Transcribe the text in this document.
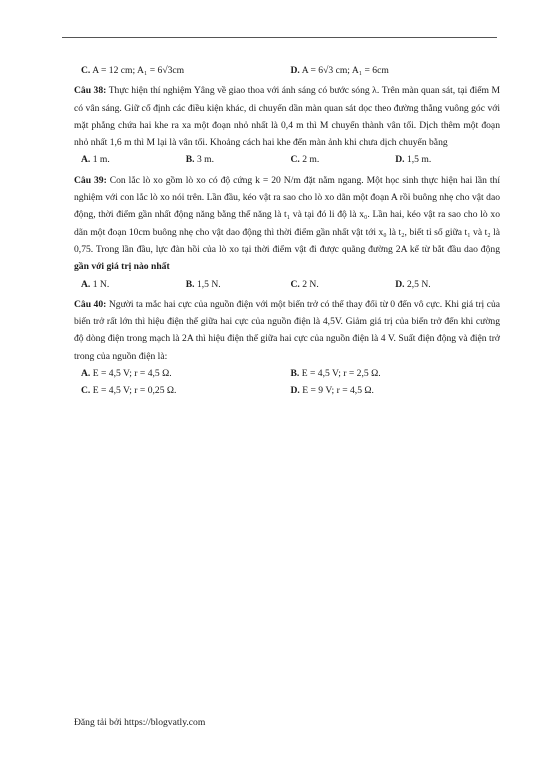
C. A = 12 cm; A₁ = 6√3cm	D. A = 6√3 cm; A₁ = 6cm
Câu 38: Thực hiện thí nghiệm Yâng về giao thoa với ánh sáng có bước sóng λ. Trên màn quan sát, tại điểm M có vân sáng. Giữ cố định các điều kiện khác, di chuyển dần màn quan sát dọc theo đường thẳng vuông góc với mặt phẳng chứa hai khe ra xa một đoạn nhỏ nhất là 0,4 m thì M chuyển thành vân tối. Dịch thêm một đoạn nhỏ nhất 1,6 m thì M lại là vân tối. Khoảng cách hai khe đến màn ảnh khi chưa dịch chuyển bằng
A. 1 m.	B. 3 m.	C. 2 m.	D. 1,5 m.
Câu 39: Con lắc lò xo gồm lò xo có độ cứng k = 20 N/m đặt nằm ngang. Một học sinh thực hiện hai lần thí nghiệm với con lắc lò xo nói trên. Lần đầu, kéo vật ra sao cho lò xo dãn một đoạn A rồi buông nhẹ cho vật dao động, thời điểm gần nhất động năng bằng thế năng là t₁ và tại đó li độ là x₀. Lần hai, kéo vật ra sao cho lò xo dãn một đoạn 10cm buông nhẹ cho vật dao động thì thời điểm gần nhất vật tới x₀ là t₂, biết tỉ số giữa t₁ và t₂ là 0,75. Trong lần đầu, lực đàn hồi của lò xo tại thời điểm vật đi được quãng đường 2A kể từ bắt đầu dao động gần với giá trị nào nhất
A. 1 N.	B. 1,5 N.	C. 2 N.	D. 2,5 N.
Câu 40: Người ta mắc hai cực của nguồn điện với một biến trở có thể thay đổi từ 0 đến vô cực. Khi giá trị của biến trở rất lớn thì hiệu điện thế giữa hai cực của nguồn điện là 4,5V. Giảm giá trị của biến trở đến khi cường độ dòng điện trong mạch là 2A thì hiệu điện thế giữa hai cực của nguồn điện là 4 V. Suất điện động và điện trở trong của nguồn điện là:
A. E = 4,5 V; r = 4,5 Ω.	B. E = 4,5 V; r = 2,5 Ω.
C. E = 4,5 V; r = 0,25 Ω.	D. E = 9 V; r = 4,5 Ω.
Đăng tải bởi https://blogvatly.com
